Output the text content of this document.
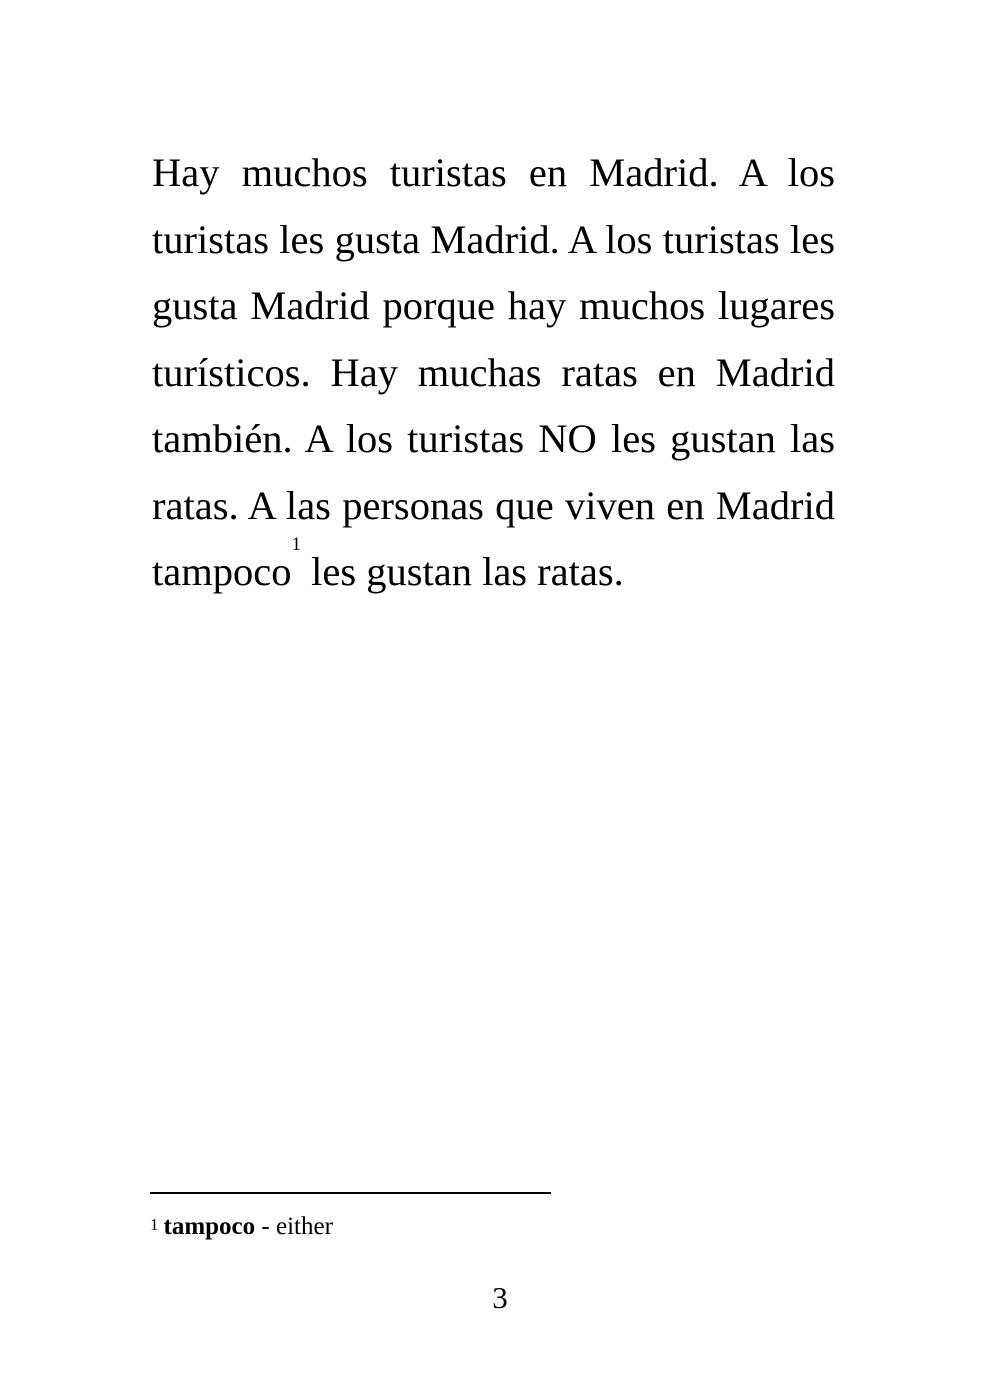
Hay muchos turistas en Madrid. A los turistas les gusta Madrid. A los turistas les gusta Madrid porque hay muchos lugares turísticos. Hay muchas ratas en Madrid también. A los turistas NO les gustan las ratas. A las personas que viven en Madrid tampoco$^1$ les gustan las ratas.

$^1$ tampoco - either

3
